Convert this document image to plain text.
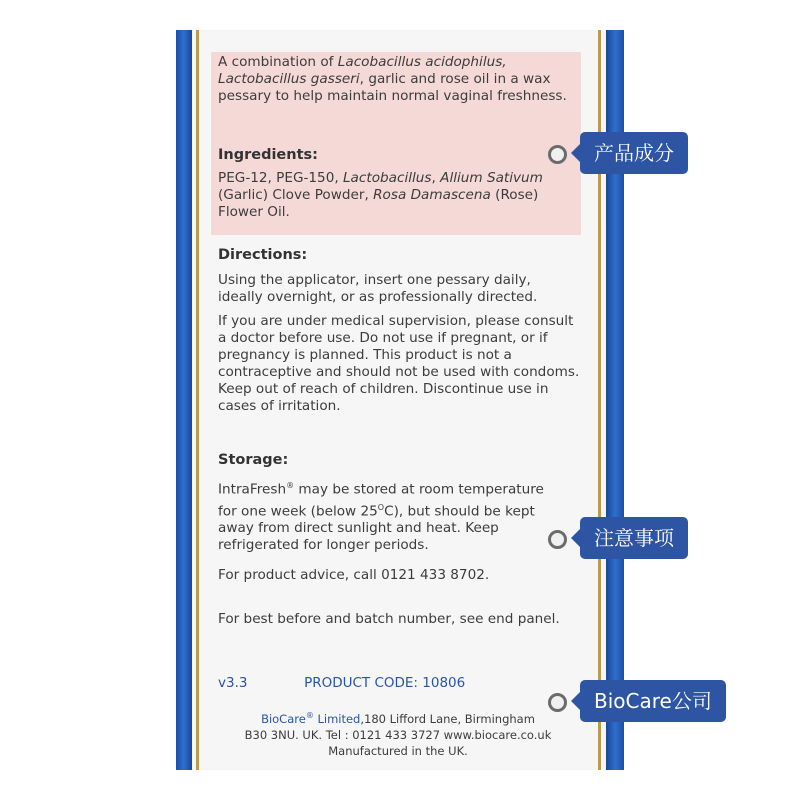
A combination of Lacobacillus acidophilus,
Lactobacillus gasseri, garlic and rose oil in a wax pessary to help maintain normal vaginal freshness.

Ingredients:

PEG-12, PEG-150, Lactobacillus, Allium Sativum (Garlic) Clove Powder, Rosa Damascena (Rose) Flower Oil.

Directions:

Using the applicator, insert one pessary daily, ideally overnight, or as professionally directed.

If you are under medical supervision, please consult a doctor before use. Do not use if pregnant, or if pregnancy is planned. This product is not a contraceptive and should not be used with condoms. Keep out of reach of children. Discontinue use in cases of irritation.

Storage:

IntraFresh® may be stored at room temperature for one week (below $25^OC$), but should be kept away from direct sunlight and heat. Keep refrigerated for longer periods.

For product advice, call 0121 433 8702.

For best before and batch number, see end panel.

v3.3	PRODUCT CODE: 10806
BioCare® Limited,180 Lifford Lane, Birmingham
B30 3NU. UK. Tel : 0121 433 3727 www.biocare.co.uk
Manufactured in the UK.
产品成分
注意事项
BioCare公司
